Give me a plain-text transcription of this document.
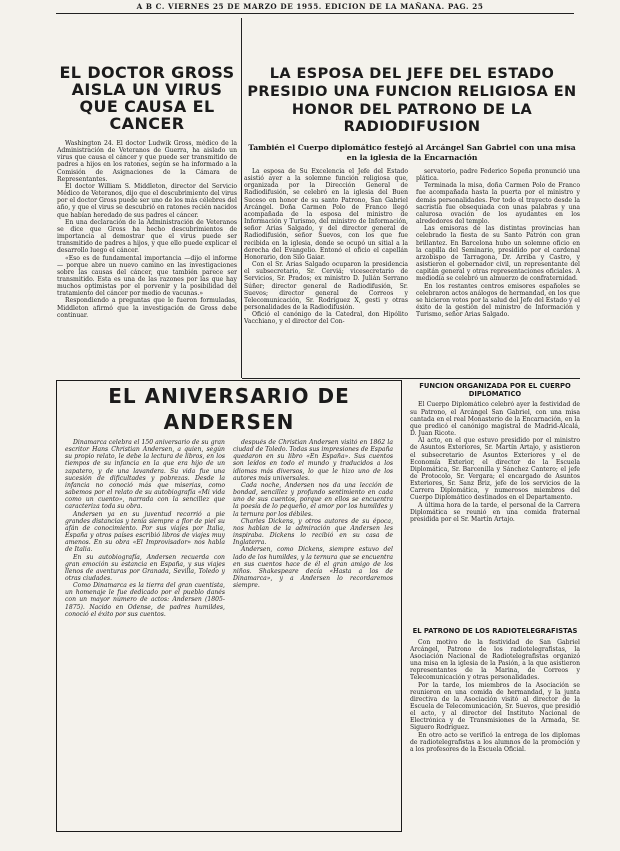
A B C. VIERNES 25 DE MARZO DE 1955. EDICION DE LA MAÑANA. PAG. 25
EL DOCTOR GROSS AISLA UN VIRUS QUE CAUSA EL CANCER

Washington 24. El doctor Ludwik Gross, médico de la Administración de Veteranos de Guerra, ha aislado un virus que causa el cáncer y que puede ser transmitido de padres a hijos en los ratones, según se ha informado a la Comisión de Asignaciones de la Cámara de Representantes.

El doctor William S. Middleton, director del Servicio Médico de Veteranos, dijo que el descubrimiento del virus por el doctor Gross puede ser uno de los más célebres del año, y que el virus se descubrió en ratones recién nacidos que habían heredado de sus padres el cáncer.

En una declaración de la Administración de Veteranos se dice que Gross ha hecho descubrimientos de importancia al demostrar que el virus puede ser transmitido de padres a hijos, y que ello puede explicar el desarrollo luego el cáncer.

«Eso es de fundamental importancia —dijo el informe— porque abre un nuevo camino en las investigaciones sobre las causas del cáncer, que también parece ser transmitido. Esta es una de las razones por las que hay muchos optimistas por el porvenir y la posibilidad del tratamiento del cáncer por medio de vacunas.»

Respondiendo a preguntas que le fueron formuladas, Middleton afirmó que la investigación de Gross debe continuar.

LA ESPOSA DEL JEFE DEL ESTADO PRESIDIO UNA FUNCION RELIGIOSA EN HONOR DEL PATRONO DE LA RADIODIFUSION
También el Cuerpo diplomático festejó al Arcángel San Gabriel con una misa en la iglesia de la Encarnación

La esposa de Su Excelencia el Jefe del Estado asistió ayer a la solemne función religiosa que, organizada por la Dirección General de Radiodifusión, se celebró en la iglesia del Buen Suceso en honor de su santo Patrono, San Gabriel Arcángel. Doña Carmen Polo de Franco llegó acompañada de la esposa del ministro de Información y Turismo, del ministro de Información, señor Arias Salgado, y del director general de Radiodifusión, señor Suevos, con los que fue recibida en la iglesia, donde se ocupó un sitial a la derecha del Evangelio. Entonó el oficio el capellán Honorario, don Silo Gaiar.

Con el Sr. Arias Salgado ocuparon la presidencia el subsecretario, Sr. Cerviá; vicesecretario de Servicios, Sr. Prados; ex ministro D. Julián Serrano Súñer; director general de Radiodifusión, Sr. Suevos; director general de Correos y Telecomunicación, Sr. Rodríguez X, gesti y otras personalidades de la Radiodifusión.

Ofició el canónigo de la Catedral, don Hipólito Vacchiano, y el director del Con-

servatorio, padre Federico Sopeña pronunció una plática.

Terminada la misa, doña Carmen Polo de Franco fue acompañada hasta la puerta por el ministro y demás personalidades. Por todo el trayecto desde la sacristía fue obsequiada con unas palabras y una calurosa ovación de los ayudantes en los alrededores del templo.

Las emisoras de las distintas provincias han celebrado la fiesta de su Santo Patrón con gran brillantez. En Barcelona hubo un solemne oficio en la capilla del Seminario, presidido por el cardenal arzobispo de Tarragona, Dr. Arriba y Castro, y asistieron el gobernador civil, un representante del capitán general y otras representaciones oficiales. A mediodía se celebró un almuerzo de confraternidad.

En los restantes centros emisores españoles se celebraron actos análogos de hermandad, en los que se hicieron votos por la salud del Jefe del Estado y el éxito de la gestión del ministro de Información y Turismo, señor Arias Salgado.

EL ANIVERSARIO DE ANDERSEN

Dinamarca celebra el 150 aniversario de su gran escritor Hans Christian Andersen, a quien, según su propio relato, le debe la lectura de libros, en los tiempos de su infancia en la que era hijo de un zapatero, y de una lavandera. Su vida fue una sucesión de dificultades y pobrezas. Desde la infancia no conoció más que miserias, como sabemos por el relato de su autobiografía «Mi vida como un cuento», narrada con la sencillez que caracteriza toda su obra.

Andersen ya en su juventud recorrió a pie grandes distancias y tenía siempre a flor de piel su afán de conocimiento. Por sus viajes por Italia, España y otros países escribió libros de viajes muy amenos. En su obra «El Improvisador» nos habla de Italia.

En su autobiografía, Andersen recuerda con gran emoción su estancia en España, y sus viajes llenos de aventuras por Granada, Sevilla, Toledo y otras ciudades.

Como Dinamarca es la tierra del gran cuentista, un homenaje le fue dedicado por el pueblo danés con un mayor número de actos: Andersen (1805-1875). Nacido en Odense, de padres humildes, conoció el éxito por sus cuentos.

después de Christian Andersen visitó en 1862 la ciudad de Toledo. Todas sus impresiones de España quedaron en su libro «En España». Sus cuentos son leídos en todo el mundo y traducidos a los idiomas más diversos, lo que le hizo uno de los autores más universales.

Cada noche, Andersen nos da una lección de bondad, sencillez y profundo sentimiento en cada uno de sus cuentos, porque en ellos se encuentra la poesía de lo pequeño, el amor por los humildes y la ternura por los débiles.

Charles Dickens, y otros autores de su época, nos hablan de la admiración que Andersen les inspiraba. Dickens lo recibió en su casa de Inglaterra.

Andersen, como Dickens, siempre estuvo del lado de los humildes, y la ternura que se encuentra en sus cuentos hace de él el gran amigo de los niños. Shakespeare decía «Hasta a los de Dinamarca», y a Andersen lo recordaremos siempre.

FUNCION ORGANIZADA POR EL CUERPO DIPLOMATICO

El Cuerpo Diplomático celebró ayer la festividad de su Patrono, el Arcángel San Gabriel, con una misa cantada en el real Monasterio de la Encarnación, en la que predicó el canónigo magistral de Madrid-Alcalá, D. Juan Ricote.

Al acto, en el que estuvo presidido por el ministro de Asuntos Exteriores, Sr. Martín Artajo, y asistieron el subsecretario de Asuntos Exteriores y el de Economía Exterior, el director de la Escuela Diplomática, Sr. Barcenilla y Sánchez Cantero; el jefe de Protocolo, Sr. Vergara; el encargado de Asuntos Exteriores, Sr. Sanz Briz, jefe de los servicios de la Carrera Diplomática, y numerosos miembros del Cuerpo Diplomático destinados en el Departamento.

A última hora de la tarde, el personal de la Carrera Diplomática se reunió en una comida fraternal presidida por el Sr. Martín Artajo.

EL PATRONO DE LOS RADIOTELEGRAFISTAS

Con motivo de la festividad de San Gabriel Arcángel, Patrono de los radiotelegrafistas, la Asociación Nacional de Radiotelegrafistas organizó una misa en la iglesia de la Pasión, a la que asistieron representantes de la Marina, de Correos y Telecomunicación y otras personalidades.

Por la tarde, los miembros de la Asociación se reunieron en una comida de hermandad, y la junta directiva de la Asociación visitó al director de la Escuela de Telecomunicación, Sr. Suevos, que presidió el acto, y al director del Instituto Nacional de Electrónica y de Transmisiones de la Armada, Sr. Siguero Rodríguez.

En otro acto se verificó la entrega de los diplomas de radiotelegrafistas a los alumnos de la promoción y a los profesores de la Escuela Oficial.
